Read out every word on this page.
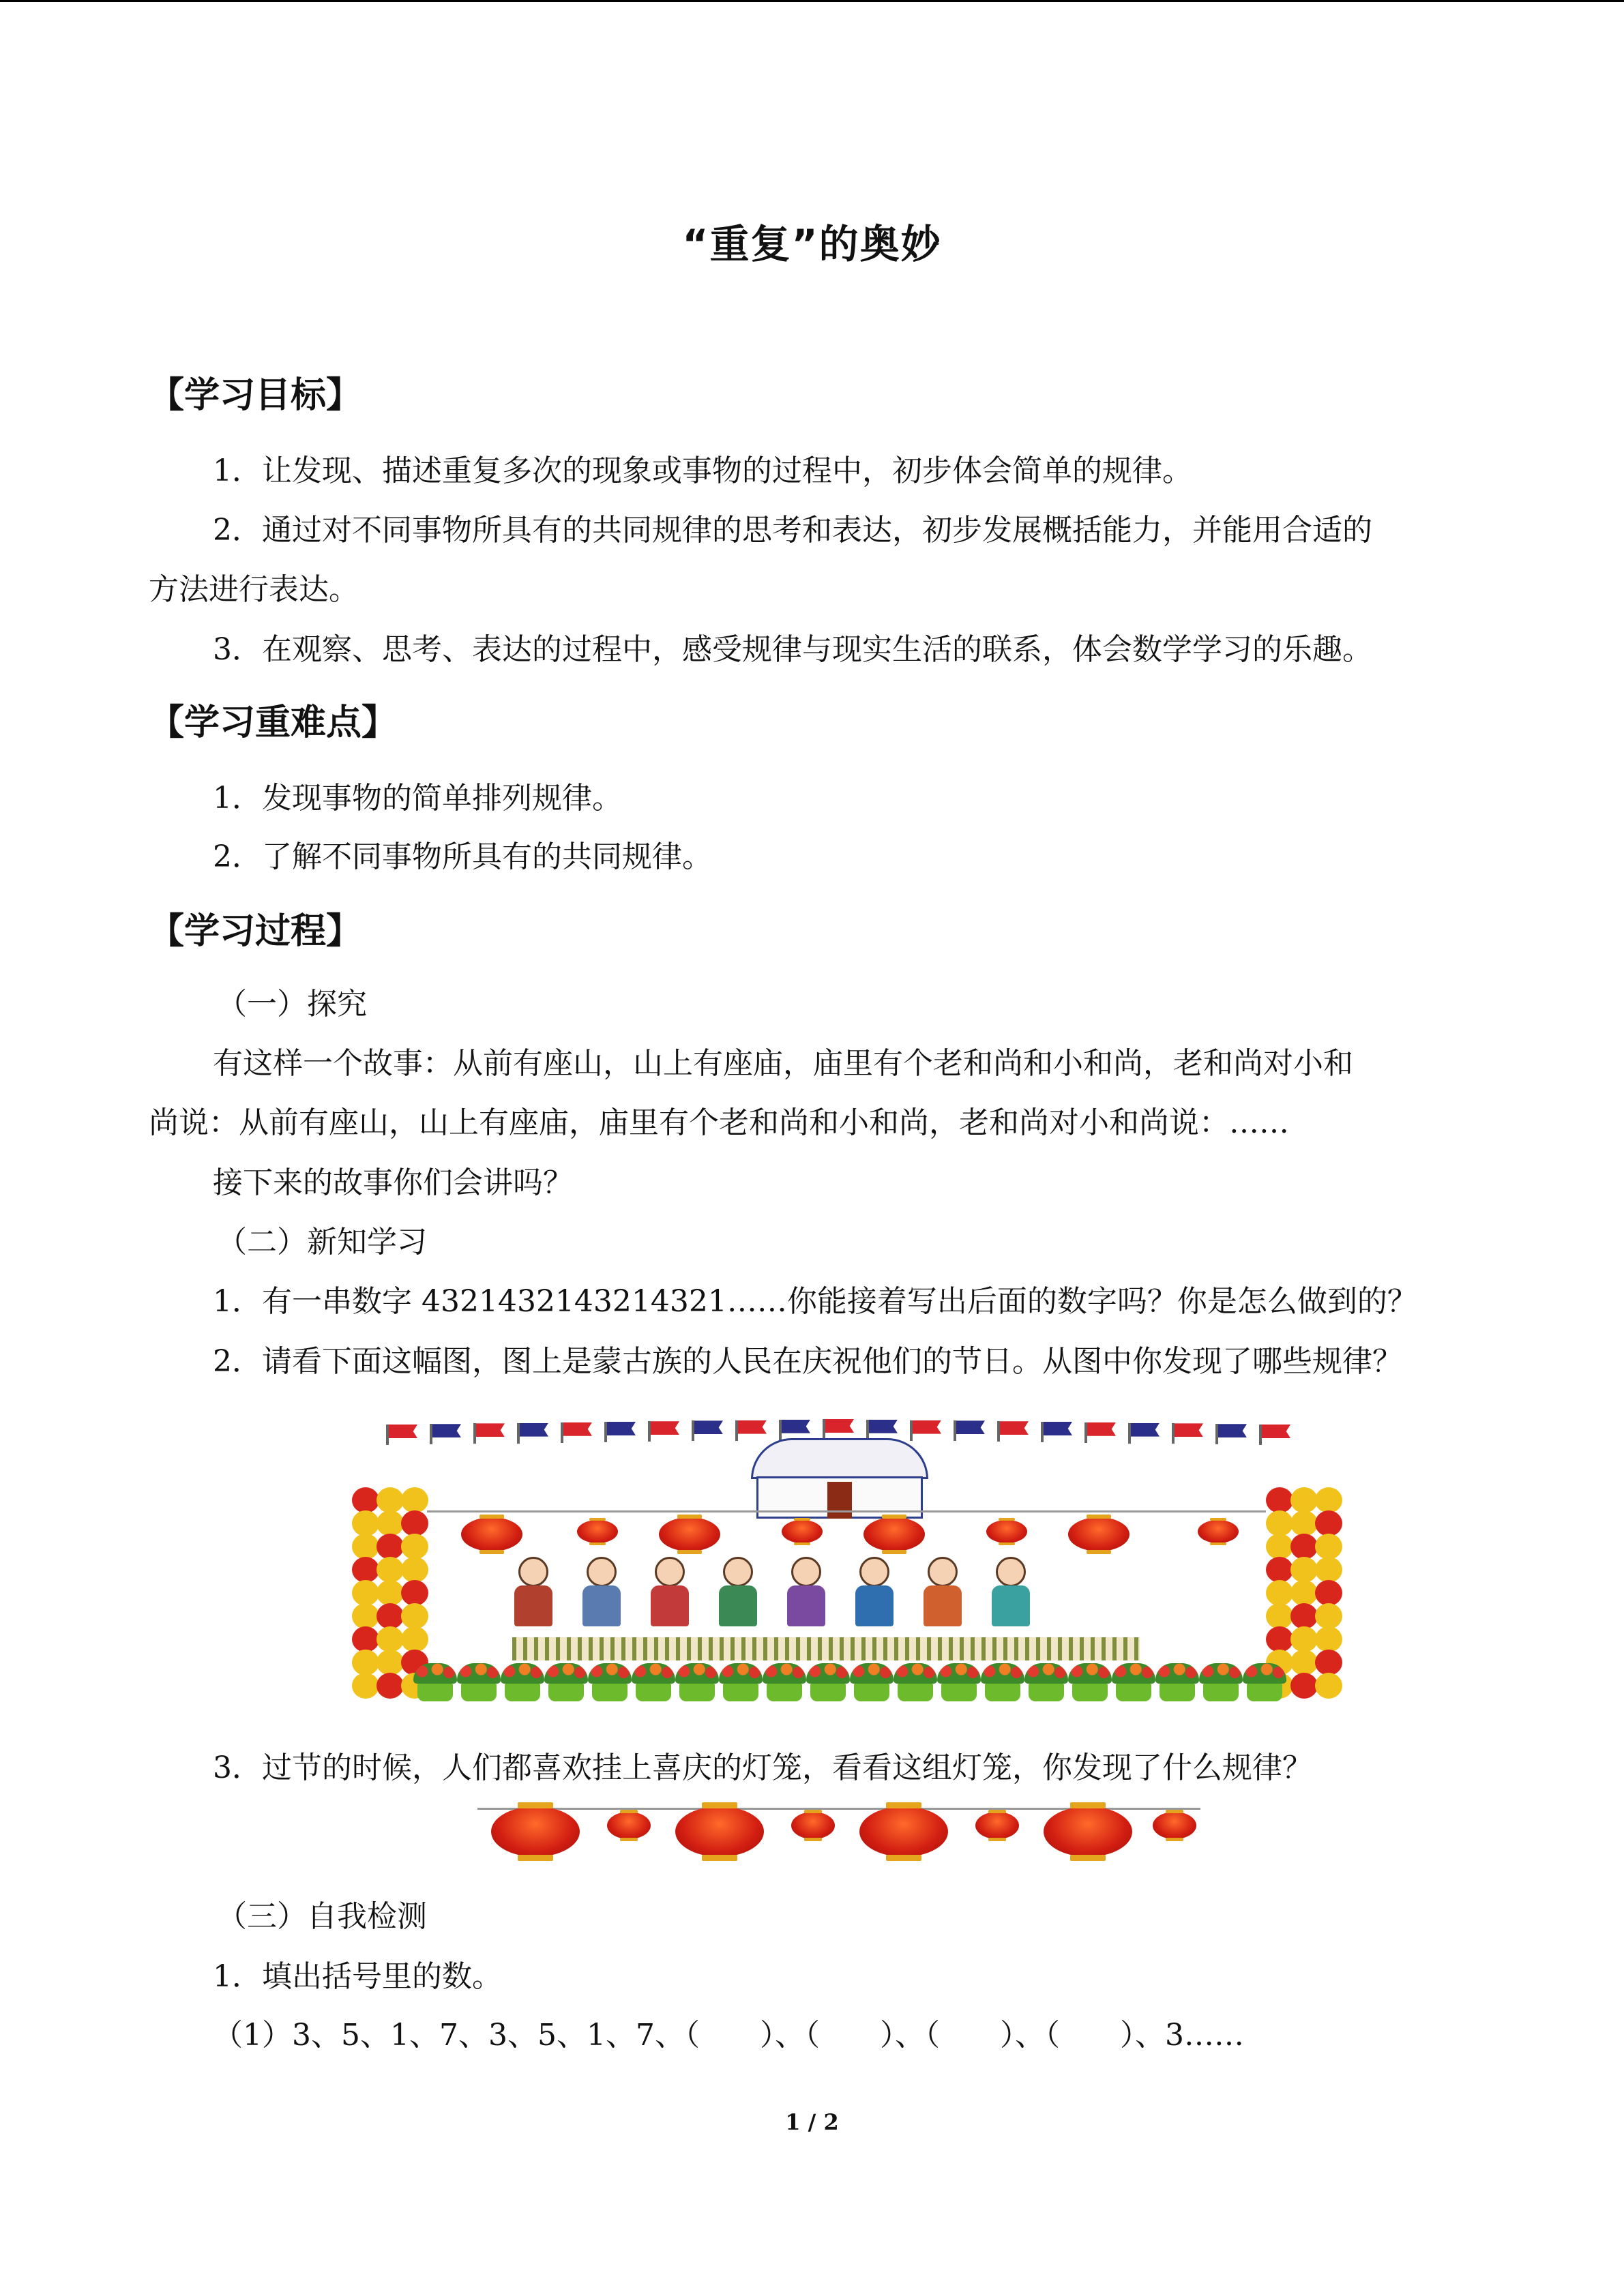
“重复”的奥妙
【学习目标】
1．让发现、描述重复多次的现象或事物的过程中，初步体会简单的规律。
2．通过对不同事物所具有的共同规律的思考和表达，初步发展概括能力，并能用合适的
方法进行表达。
3．在观察、思考、表达的过程中，感受规律与现实生活的联系，体会数学学习的乐趣。
【学习重难点】
1．发现事物的简单排列规律。
2．了解不同事物所具有的共同规律。
【学习过程】
（一）探究
有这样一个故事：从前有座山，山上有座庙，庙里有个老和尚和小和尚，老和尚对小和
尚说：从前有座山，山上有座庙，庙里有个老和尚和小和尚，老和尚对小和尚说：……
接下来的故事你们会讲吗？
（二）新知学习
1．有一串数字 4321432143214321……你能接着写出后面的数字吗？你是怎么做到的？
2．请看下面这幅图，图上是蒙古族的人民在庆祝他们的节日。从图中你发现了哪些规律？
3．过节的时候，人们都喜欢挂上喜庆的灯笼，看看这组灯笼，你发现了什么规律？
（三）自我检测
1．填出括号里的数。
（1）3、5、1、7、3、5、1、7、（　　）、（　　）、（　　）、（　　）、3……
1 / 2
